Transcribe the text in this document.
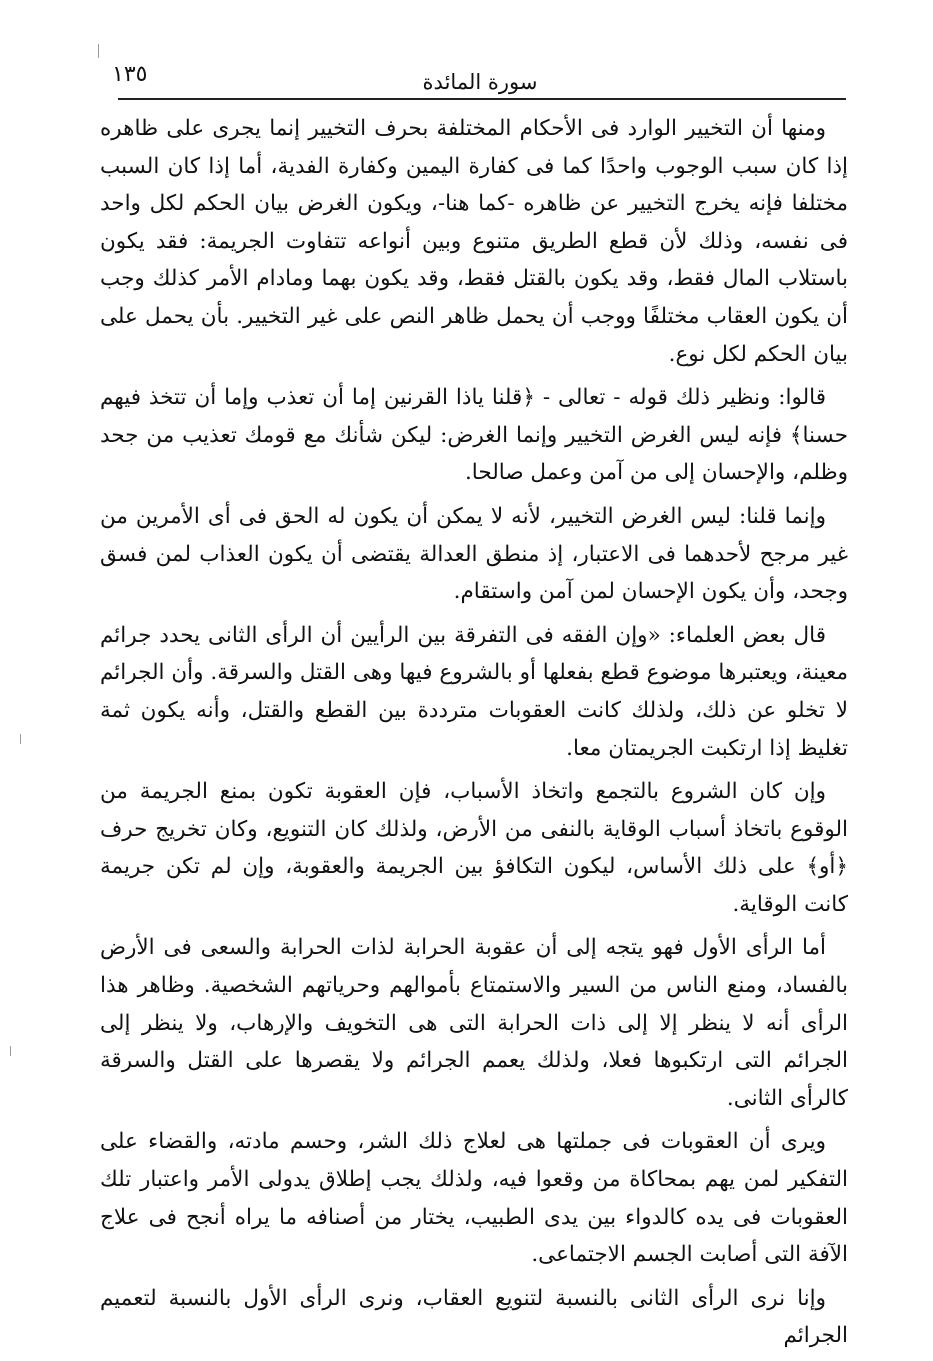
١٣٥	سورة المائدة

ومنها أن التخيير الوارد فى الأحكام المختلفة بحرف التخيير إنما يجرى على ظاهره إذا كان سبب الوجوب واحدًا كما فى كفارة اليمين وكفارة الفدية، أما إذا كان السبب مختلفا فإنه يخرج التخيير عن ظاهره -كما هنا-، ويكون الغرض بيان الحكم لكل واحد فى نفسه، وذلك لأن قطع الطريق متنوع وبين أنواعه تتفاوت الجريمة: فقد يكون باستلاب المال فقط، وقد يكون بالقتل فقط، وقد يكون بهما ومادام الأمر كذلك وجب أن يكون العقاب مختلفًا ووجب أن يحمل ظاهر النص على غير التخيير. بأن يحمل على بيان الحكم لكل نوع.

قالوا: ونظير ذلك قوله - تعالى - ﴿قلنا ياذا القرنين إما أن تعذب وإما أن تتخذ فيهم حسنا﴾ فإنه ليس الغرض التخيير وإنما الغرض: ليكن شأنك مع قومك تعذيب من جحد وظلم، والإحسان إلى من آمن وعمل صالحا.

وإنما قلنا: ليس الغرض التخيير، لأنه لا يمكن أن يكون له الحق فى أى الأمرين من غير مرجح لأحدهما فى الاعتبار، إذ منطق العدالة يقتضى أن يكون العذاب لمن فسق وجحد، وأن يكون الإحسان لمن آمن واستقام.

قال بعض العلماء: «وإن الفقه فى التفرقة بين الرأيين أن الرأى الثانى يحدد جرائم معينة، ويعتبرها موضوع قطع بفعلها أو بالشروع فيها وهى القتل والسرقة. وأن الجرائم لا تخلو عن ذلك، ولذلك كانت العقوبات مترددة بين القطع والقتل، وأنه يكون ثمة تغليظ إذا ارتكبت الجريمتان معا.

وإن كان الشروع بالتجمع واتخاذ الأسباب، فإن العقوبة تكون بمنع الجريمة من الوقوع باتخاذ أسباب الوقاية بالنفى من الأرض، ولذلك كان التنويع، وكان تخريج حرف ﴿أو﴾ على ذلك الأساس، ليكون التكافؤ بين الجريمة والعقوبة، وإن لم تكن جريمة كانت الوقاية.

أما الرأى الأول فهو يتجه إلى أن عقوبة الحرابة لذات الحرابة والسعى فى الأرض بالفساد، ومنع الناس من السير والاستمتاع بأموالهم وحرياتهم الشخصية. وظاهر هذا الرأى أنه لا ينظر إلا إلى ذات الحرابة التى هى التخويف والإرهاب، ولا ينظر إلى الجرائم التى ارتكبوها فعلا، ولذلك يعمم الجرائم ولا يقصرها على القتل والسرقة كالرأى الثانى.

ويرى أن العقوبات فى جملتها هى لعلاج ذلك الشر، وحسم مادته، والقضاء على التفكير لمن يهم بمحاكاة من وقعوا فيه، ولذلك يجب إطلاق يدولى الأمر واعتبار تلك العقوبات فى يده كالدواء بين يدى الطبيب، يختار من أصنافه ما يراه أنجح فى علاج الآفة التى أصابت الجسم الاجتماعى.

وإنا نرى الرأى الثانى بالنسبة لتنويع العقاب، ونرى الرأى الأول بالنسبة لتعميم الجرائم
